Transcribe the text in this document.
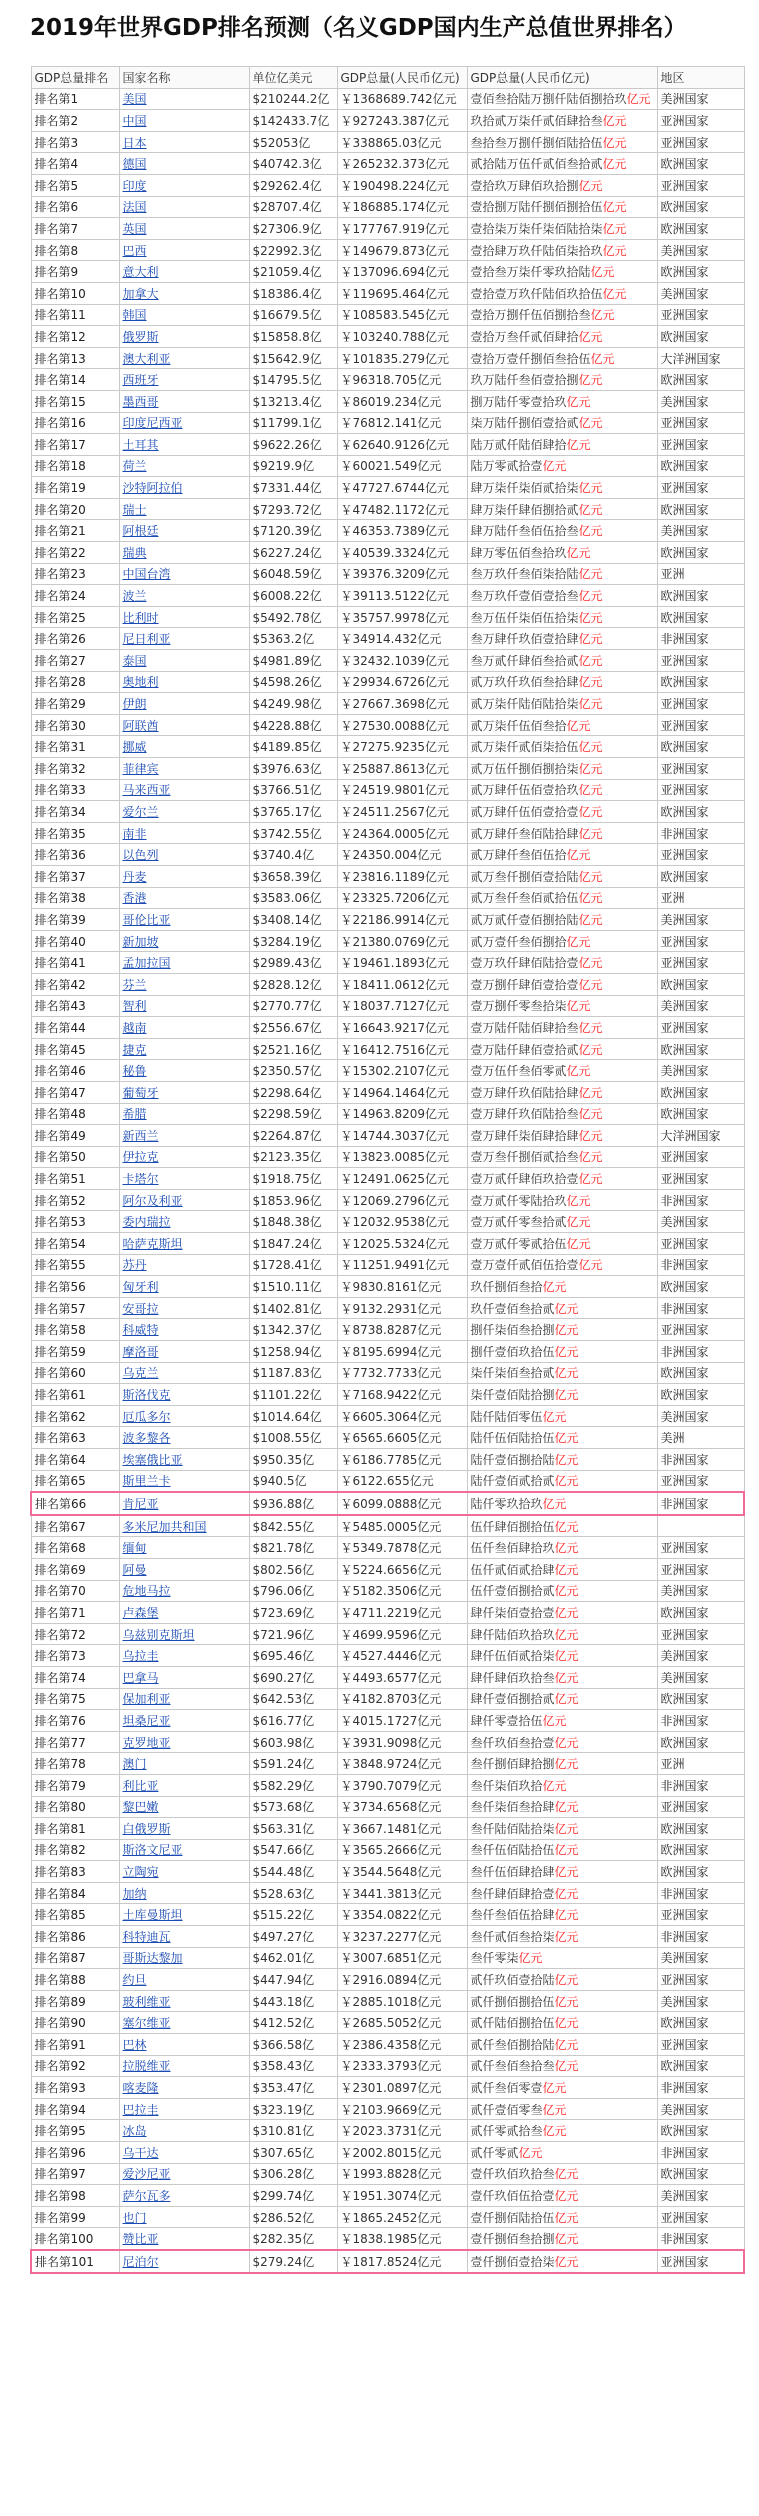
2019年世界GDP排名预测（名义GDP国内生产总值世界排名）
GDP总量排名	国家名称	单位亿美元	GDP总量(人民币亿元)	GDP总量(人民币亿元)	地区
排名第1	美国	$210244.2亿	￥1368689.742亿元	壹佰叁拾陆万捌仟陆佰捌拾玖亿元	美洲国家
排名第2	中国	$142433.7亿	￥927243.387亿元	玖拾贰万柒仟贰佰肆拾叁亿元	亚洲国家
排名第3	日本	$52053亿	￥338865.03亿元	叁拾叁万捌仟捌佰陆拾伍亿元	亚洲国家
排名第4	德国	$40742.3亿	￥265232.373亿元	贰拾陆万伍仟贰佰叁拾贰亿元	欧洲国家
排名第5	印度	$29262.4亿	￥190498.224亿元	壹拾玖万肆佰玖拾捌亿元	亚洲国家
排名第6	法国	$28707.4亿	￥186885.174亿元	壹拾捌万陆仟捌佰捌拾伍亿元	欧洲国家
排名第7	英国	$27306.9亿	￥177767.919亿元	壹拾柒万柒仟柒佰陆拾柒亿元	欧洲国家
排名第8	巴西	$22992.3亿	￥149679.873亿元	壹拾肆万玖仟陆佰柒拾玖亿元	美洲国家
排名第9	意大利	$21059.4亿	￥137096.694亿元	壹拾叁万柒仟零玖拾陆亿元	欧洲国家
排名第10	加拿大	$18386.4亿	￥119695.464亿元	壹拾壹万玖仟陆佰玖拾伍亿元	美洲国家
排名第11	韩国	$16679.5亿	￥108583.545亿元	壹拾万捌仟伍佰捌拾叁亿元	亚洲国家
排名第12	俄罗斯	$15858.8亿	￥103240.788亿元	壹拾万叁仟贰佰肆拾亿元	欧洲国家
排名第13	澳大利亚	$15642.9亿	￥101835.279亿元	壹拾万壹仟捌佰叁拾伍亿元	大洋洲国家
排名第14	西班牙	$14795.5亿	￥96318.705亿元	玖万陆仟叁佰壹拾捌亿元	欧洲国家
排名第15	墨西哥	$13213.4亿	￥86019.234亿元	捌万陆仟零壹拾玖亿元	美洲国家
排名第16	印度尼西亚	$11799.1亿	￥76812.141亿元	柒万陆仟捌佰壹拾贰亿元	亚洲国家
排名第17	土耳其	$9622.26亿	￥62640.9126亿元	陆万贰仟陆佰肆拾亿元	亚洲国家
排名第18	荷兰	$9219.9亿	￥60021.549亿元	陆万零贰拾壹亿元	欧洲国家
排名第19	沙特阿拉伯	$7331.44亿	￥47727.6744亿元	肆万柒仟柒佰贰拾柒亿元	亚洲国家
排名第20	瑞士	$7293.72亿	￥47482.1172亿元	肆万柒仟肆佰捌拾贰亿元	欧洲国家
排名第21	阿根廷	$7120.39亿	￥46353.7389亿元	肆万陆仟叁佰伍拾叁亿元	美洲国家
排名第22	瑞典	$6227.24亿	￥40539.3324亿元	肆万零伍佰叁拾玖亿元	欧洲国家
排名第23	中国台湾	$6048.59亿	￥39376.3209亿元	叁万玖仟叁佰柒拾陆亿元	亚洲
排名第24	波兰	$6008.22亿	￥39113.5122亿元	叁万玖仟壹佰壹拾叁亿元	欧洲国家
排名第25	比利时	$5492.78亿	￥35757.9978亿元	叁万伍仟柒佰伍拾柒亿元	欧洲国家
排名第26	尼日利亚	$5363.2亿	￥34914.432亿元	叁万肆仟玖佰壹拾肆亿元	非洲国家
排名第27	泰国	$4981.89亿	￥32432.1039亿元	叁万贰仟肆佰叁拾贰亿元	亚洲国家
排名第28	奥地利	$4598.26亿	￥29934.6726亿元	贰万玖仟玖佰叁拾肆亿元	欧洲国家
排名第29	伊朗	$4249.98亿	￥27667.3698亿元	贰万柒仟陆佰陆拾柒亿元	亚洲国家
排名第30	阿联酋	$4228.88亿	￥27530.0088亿元	贰万柒仟伍佰叁拾亿元	亚洲国家
排名第31	挪威	$4189.85亿	￥27275.9235亿元	贰万柒仟贰佰柒拾伍亿元	欧洲国家
排名第32	菲律宾	$3976.63亿	￥25887.8613亿元	贰万伍仟捌佰捌拾柒亿元	亚洲国家
排名第33	马来西亚	$3766.51亿	￥24519.9801亿元	贰万肆仟伍佰壹拾玖亿元	亚洲国家
排名第34	爱尔兰	$3765.17亿	￥24511.2567亿元	贰万肆仟伍佰壹拾壹亿元	欧洲国家
排名第35	南非	$3742.55亿	￥24364.0005亿元	贰万肆仟叁佰陆拾肆亿元	非洲国家
排名第36	以色列	$3740.4亿	￥24350.004亿元	贰万肆仟叁佰伍拾亿元	亚洲国家
排名第37	丹麦	$3658.39亿	￥23816.1189亿元	贰万叁仟捌佰壹拾陆亿元	欧洲国家
排名第38	香港	$3583.06亿	￥23325.7206亿元	贰万叁仟叁佰贰拾伍亿元	亚洲
排名第39	哥伦比亚	$3408.14亿	￥22186.9914亿元	贰万贰仟壹佰捌拾陆亿元	美洲国家
排名第40	新加坡	$3284.19亿	￥21380.0769亿元	贰万壹仟叁佰捌拾亿元	亚洲国家
排名第41	孟加拉国	$2989.43亿	￥19461.1893亿元	壹万玖仟肆佰陆拾壹亿元	亚洲国家
排名第42	芬兰	$2828.12亿	￥18411.0612亿元	壹万捌仟肆佰壹拾壹亿元	欧洲国家
排名第43	智利	$2770.77亿	￥18037.7127亿元	壹万捌仟零叁拾柒亿元	美洲国家
排名第44	越南	$2556.67亿	￥16643.9217亿元	壹万陆仟陆佰肆拾叁亿元	亚洲国家
排名第45	捷克	$2521.16亿	￥16412.7516亿元	壹万陆仟肆佰壹拾贰亿元	欧洲国家
排名第46	秘鲁	$2350.57亿	￥15302.2107亿元	壹万伍仟叁佰零贰亿元	美洲国家
排名第47	葡萄牙	$2298.64亿	￥14964.1464亿元	壹万肆仟玖佰陆拾肆亿元	欧洲国家
排名第48	希腊	$2298.59亿	￥14963.8209亿元	壹万肆仟玖佰陆拾叁亿元	欧洲国家
排名第49	新西兰	$2264.87亿	￥14744.3037亿元	壹万肆仟柒佰肆拾肆亿元	大洋洲国家
排名第50	伊拉克	$2123.35亿	￥13823.0085亿元	壹万叁仟捌佰贰拾叁亿元	亚洲国家
排名第51	卡塔尔	$1918.75亿	￥12491.0625亿元	壹万贰仟肆佰玖拾壹亿元	亚洲国家
排名第52	阿尔及利亚	$1853.96亿	￥12069.2796亿元	壹万贰仟零陆拾玖亿元	非洲国家
排名第53	委内瑞拉	$1848.38亿	￥12032.9538亿元	壹万贰仟零叁拾贰亿元	美洲国家
排名第54	哈萨克斯坦	$1847.24亿	￥12025.5324亿元	壹万贰仟零贰拾伍亿元	亚洲国家
排名第55	苏丹	$1728.41亿	￥11251.9491亿元	壹万壹仟贰佰伍拾壹亿元	非洲国家
排名第56	匈牙利	$1510.11亿	￥9830.8161亿元	玖仟捌佰叁拾亿元	欧洲国家
排名第57	安哥拉	$1402.81亿	￥9132.2931亿元	玖仟壹佰叁拾贰亿元	非洲国家
排名第58	科威特	$1342.37亿	￥8738.8287亿元	捌仟柒佰叁拾捌亿元	亚洲国家
排名第59	摩洛哥	$1258.94亿	￥8195.6994亿元	捌仟壹佰玖拾伍亿元	非洲国家
排名第60	乌克兰	$1187.83亿	￥7732.7733亿元	柒仟柒佰叁拾贰亿元	欧洲国家
排名第61	斯洛伐克	$1101.22亿	￥7168.9422亿元	柒仟壹佰陆拾捌亿元	欧洲国家
排名第62	厄瓜多尔	$1014.64亿	￥6605.3064亿元	陆仟陆佰零伍亿元	美洲国家
排名第63	波多黎各	$1008.55亿	￥6565.6605亿元	陆仟伍佰陆拾伍亿元	美洲
排名第64	埃塞俄比亚	$950.35亿	￥6186.7785亿元	陆仟壹佰捌拾陆亿元	非洲国家
排名第65	斯里兰卡	$940.5亿	￥6122.655亿元	陆仟壹佰贰拾贰亿元	亚洲国家
排名第66	肯尼亚	$936.88亿	￥6099.0888亿元	陆仟零玖拾玖亿元	非洲国家
排名第67	多米尼加共和国	$842.55亿	￥5485.0005亿元	伍仟肆佰捌拾伍亿元	
排名第68	缅甸	$821.78亿	￥5349.7878亿元	伍仟叁佰肆拾玖亿元	亚洲国家
排名第69	阿曼	$802.56亿	￥5224.6656亿元	伍仟贰佰贰拾肆亿元	亚洲国家
排名第70	危地马拉	$796.06亿	￥5182.3506亿元	伍仟壹佰捌拾贰亿元	美洲国家
排名第71	卢森堡	$723.69亿	￥4711.2219亿元	肆仟柒佰壹拾壹亿元	欧洲国家
排名第72	乌兹别克斯坦	$721.96亿	￥4699.9596亿元	肆仟陆佰玖拾玖亿元	亚洲国家
排名第73	乌拉圭	$695.46亿	￥4527.4446亿元	肆仟伍佰贰拾柒亿元	美洲国家
排名第74	巴拿马	$690.27亿	￥4493.6577亿元	肆仟肆佰玖拾叁亿元	美洲国家
排名第75	保加利亚	$642.53亿	￥4182.8703亿元	肆仟壹佰捌拾贰亿元	欧洲国家
排名第76	坦桑尼亚	$616.77亿	￥4015.1727亿元	肆仟零壹拾伍亿元	非洲国家
排名第77	克罗地亚	$603.98亿	￥3931.9098亿元	叁仟玖佰叁拾壹亿元	欧洲国家
排名第78	澳门	$591.24亿	￥3848.9724亿元	叁仟捌佰肆拾捌亿元	亚洲
排名第79	利比亚	$582.29亿	￥3790.7079亿元	叁仟柒佰玖拾亿元	非洲国家
排名第80	黎巴嫩	$573.68亿	￥3734.6568亿元	叁仟柒佰叁拾肆亿元	亚洲国家
排名第81	白俄罗斯	$563.31亿	￥3667.1481亿元	叁仟陆佰陆拾柒亿元	欧洲国家
排名第82	斯洛文尼亚	$547.66亿	￥3565.2666亿元	叁仟伍佰陆拾伍亿元	欧洲国家
排名第83	立陶宛	$544.48亿	￥3544.5648亿元	叁仟伍佰肆拾肆亿元	欧洲国家
排名第84	加纳	$528.63亿	￥3441.3813亿元	叁仟肆佰肆拾壹亿元	非洲国家
排名第85	土库曼斯坦	$515.22亿	￥3354.0822亿元	叁仟叁佰伍拾肆亿元	亚洲国家
排名第86	科特迪瓦	$497.27亿	￥3237.2277亿元	叁仟贰佰叁拾柒亿元	非洲国家
排名第87	哥斯达黎加	$462.01亿	￥3007.6851亿元	叁仟零柒亿元	美洲国家
排名第88	约旦	$447.94亿	￥2916.0894亿元	贰仟玖佰壹拾陆亿元	亚洲国家
排名第89	玻利维亚	$443.18亿	￥2885.1018亿元	贰仟捌佰捌拾伍亿元	美洲国家
排名第90	塞尔维亚	$412.52亿	￥2685.5052亿元	贰仟陆佰捌拾伍亿元	欧洲国家
排名第91	巴林	$366.58亿	￥2386.4358亿元	贰仟叁佰捌拾陆亿元	亚洲国家
排名第92	拉脱维亚	$358.43亿	￥2333.3793亿元	贰仟叁佰叁拾叁亿元	欧洲国家
排名第93	喀麦隆	$353.47亿	￥2301.0897亿元	贰仟叁佰零壹亿元	非洲国家
排名第94	巴拉圭	$323.19亿	￥2103.9669亿元	贰仟壹佰零叁亿元	美洲国家
排名第95	冰岛	$310.81亿	￥2023.3731亿元	贰仟零贰拾叁亿元	欧洲国家
排名第96	乌干达	$307.65亿	￥2002.8015亿元	贰仟零贰亿元	非洲国家
排名第97	爱沙尼亚	$306.28亿	￥1993.8828亿元	壹仟玖佰玖拾叁亿元	欧洲国家
排名第98	萨尔瓦多	$299.74亿	￥1951.3074亿元	壹仟玖佰伍拾壹亿元	美洲国家
排名第99	也门	$286.52亿	￥1865.2452亿元	壹仟捌佰陆拾伍亿元	亚洲国家
排名第100	赞比亚	$282.35亿	￥1838.1985亿元	壹仟捌佰叁拾捌亿元	非洲国家
排名第101	尼泊尔	$279.24亿	￥1817.8524亿元	壹仟捌佰壹拾柒亿元	亚洲国家
